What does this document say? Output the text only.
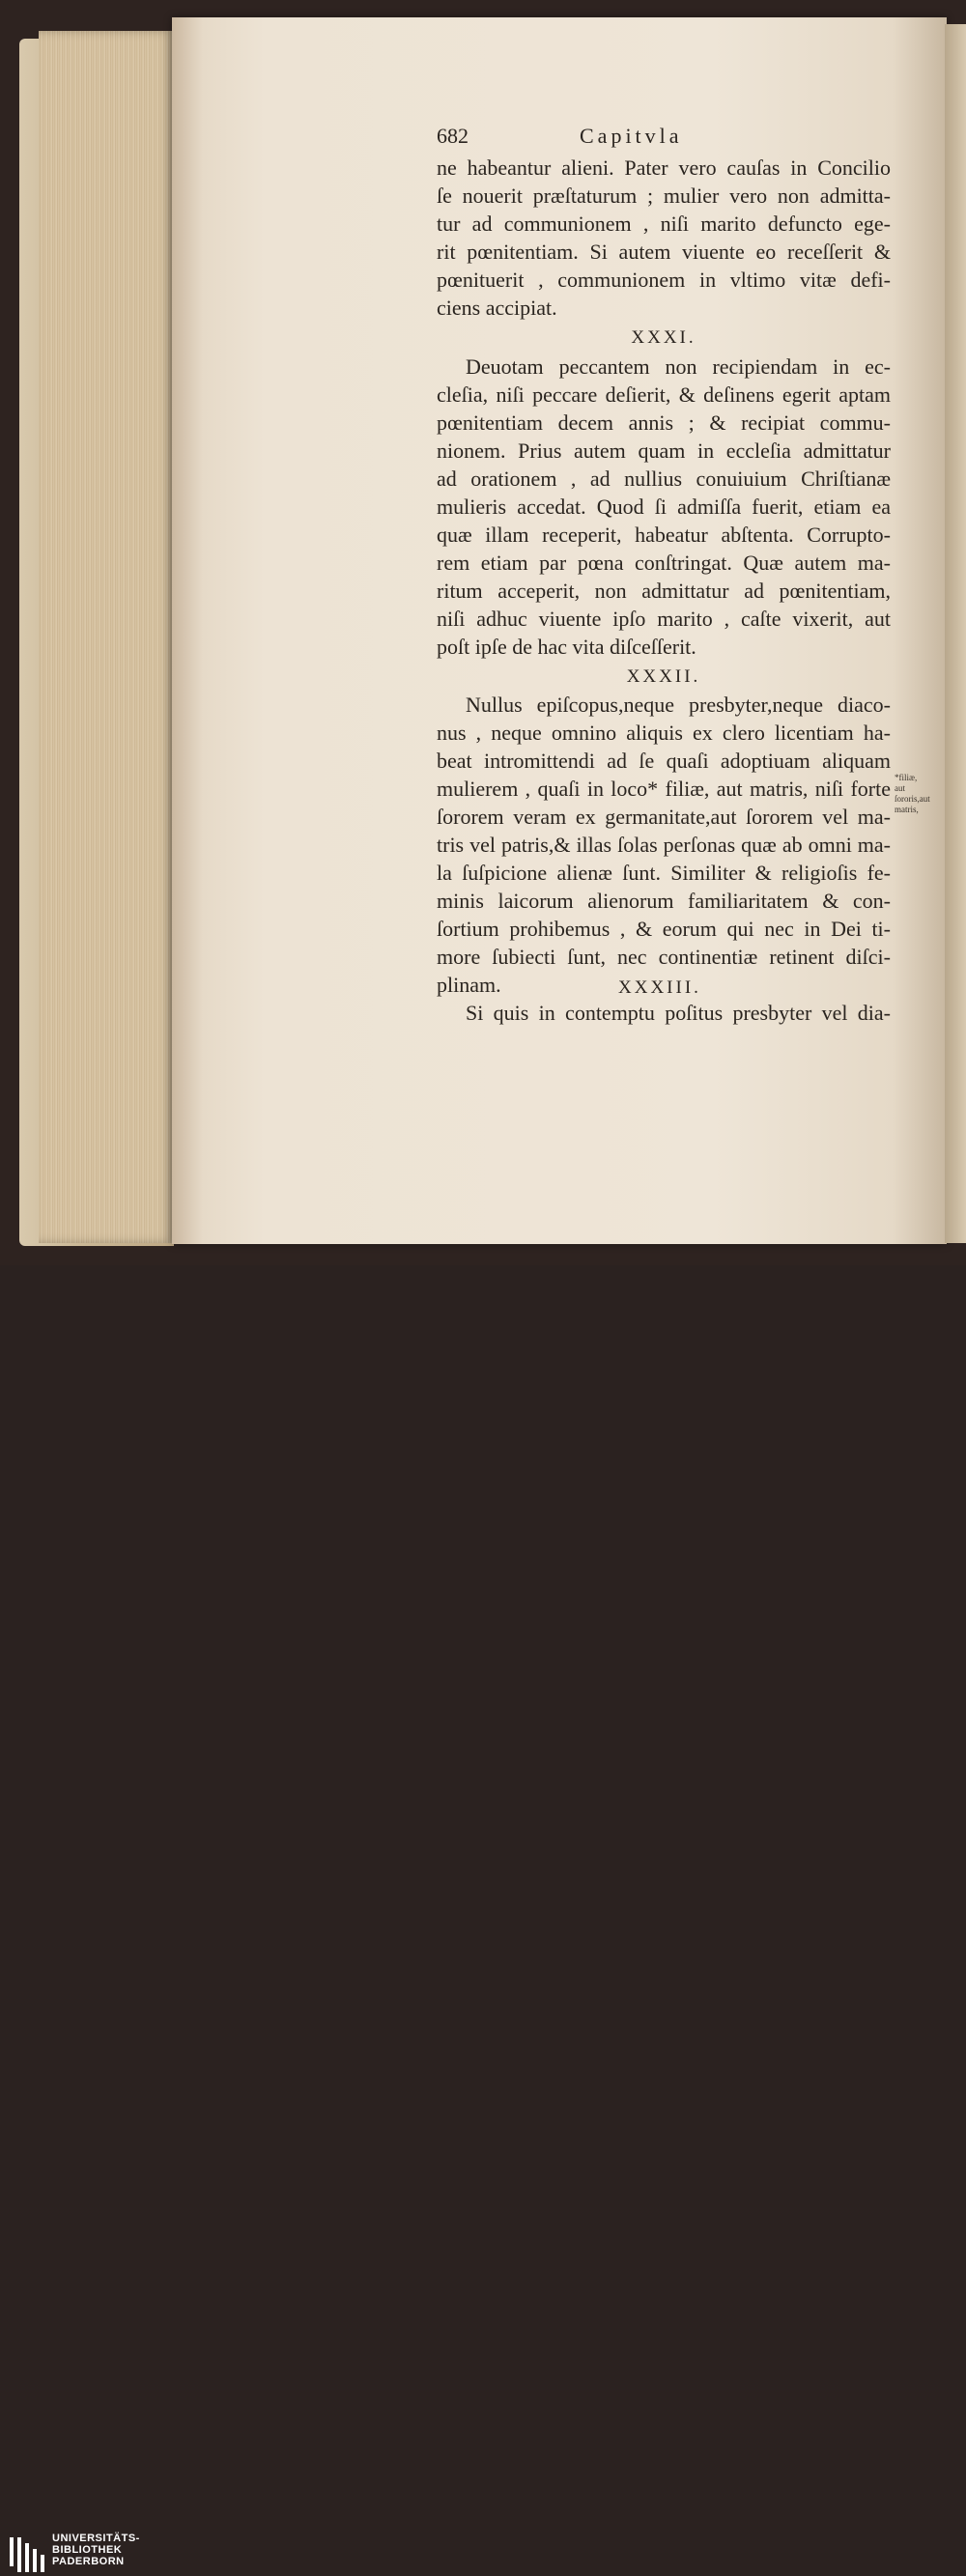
682	Capitvla
ne habeantur alieni. Pater vero cauſas in Concilio
ſe nouerit præſtaturum ; mulier vero non admitta-
tur ad communionem , niſi marito defuncto ege-
rit pœnitentiam. Si autem viuente eo receſſerit &
pœnituerit , communionem in vltimo vitæ defi-
ciens accipiat.
XXXI.
Deuotam peccantem non recipiendam in ec-
cleſia, niſi peccare deſierit, & deſinens egerit aptam
pœnitentiam decem annis ; & recipiat commu-
nionem. Prius autem quam in eccleſia admittatur
ad orationem , ad nullius conuiuium Chriſtianæ
mulieris accedat. Quod ſi admiſſa fuerit, etiam ea
quæ illam receperit, habeatur abſtenta. Corrupto-
rem etiam par pœna conſtringat. Quæ autem ma-
ritum acceperit, non admittatur ad pœnitentiam,
niſi adhuc viuente ipſo marito , caſte vixerit, aut
poſt ipſe de hac vita diſceſſerit.
XXXII.
Nullus epiſcopus,neque presbyter,neque diaco-
nus , neque omnino aliquis ex clero licentiam ha-
beat intromittendi ad ſe quaſi adoptiuam aliquam
mulierem , quaſi in loco* filiæ, aut matris, niſi forte
ſororem veram ex germanitate,aut ſororem vel ma-
tris vel patris,& illas ſolas perſonas quæ ab omni ma-
la ſuſpicione alienæ ſunt. Similiter & religioſis fe-
minis laicorum alienorum familiaritatem & con-
ſortium prohibemus , & eorum qui nec in Dei ti-
more ſubiecti ſunt, nec continentiæ retinent diſci-
plinam.	XXXIII.
Si quis in contemptu poſitus presbyter vel dia-
*filiæ, aut ſororis,aut matris,
UNIVERSITÄTS-
BIBLIOTHEK
PADERBORN
